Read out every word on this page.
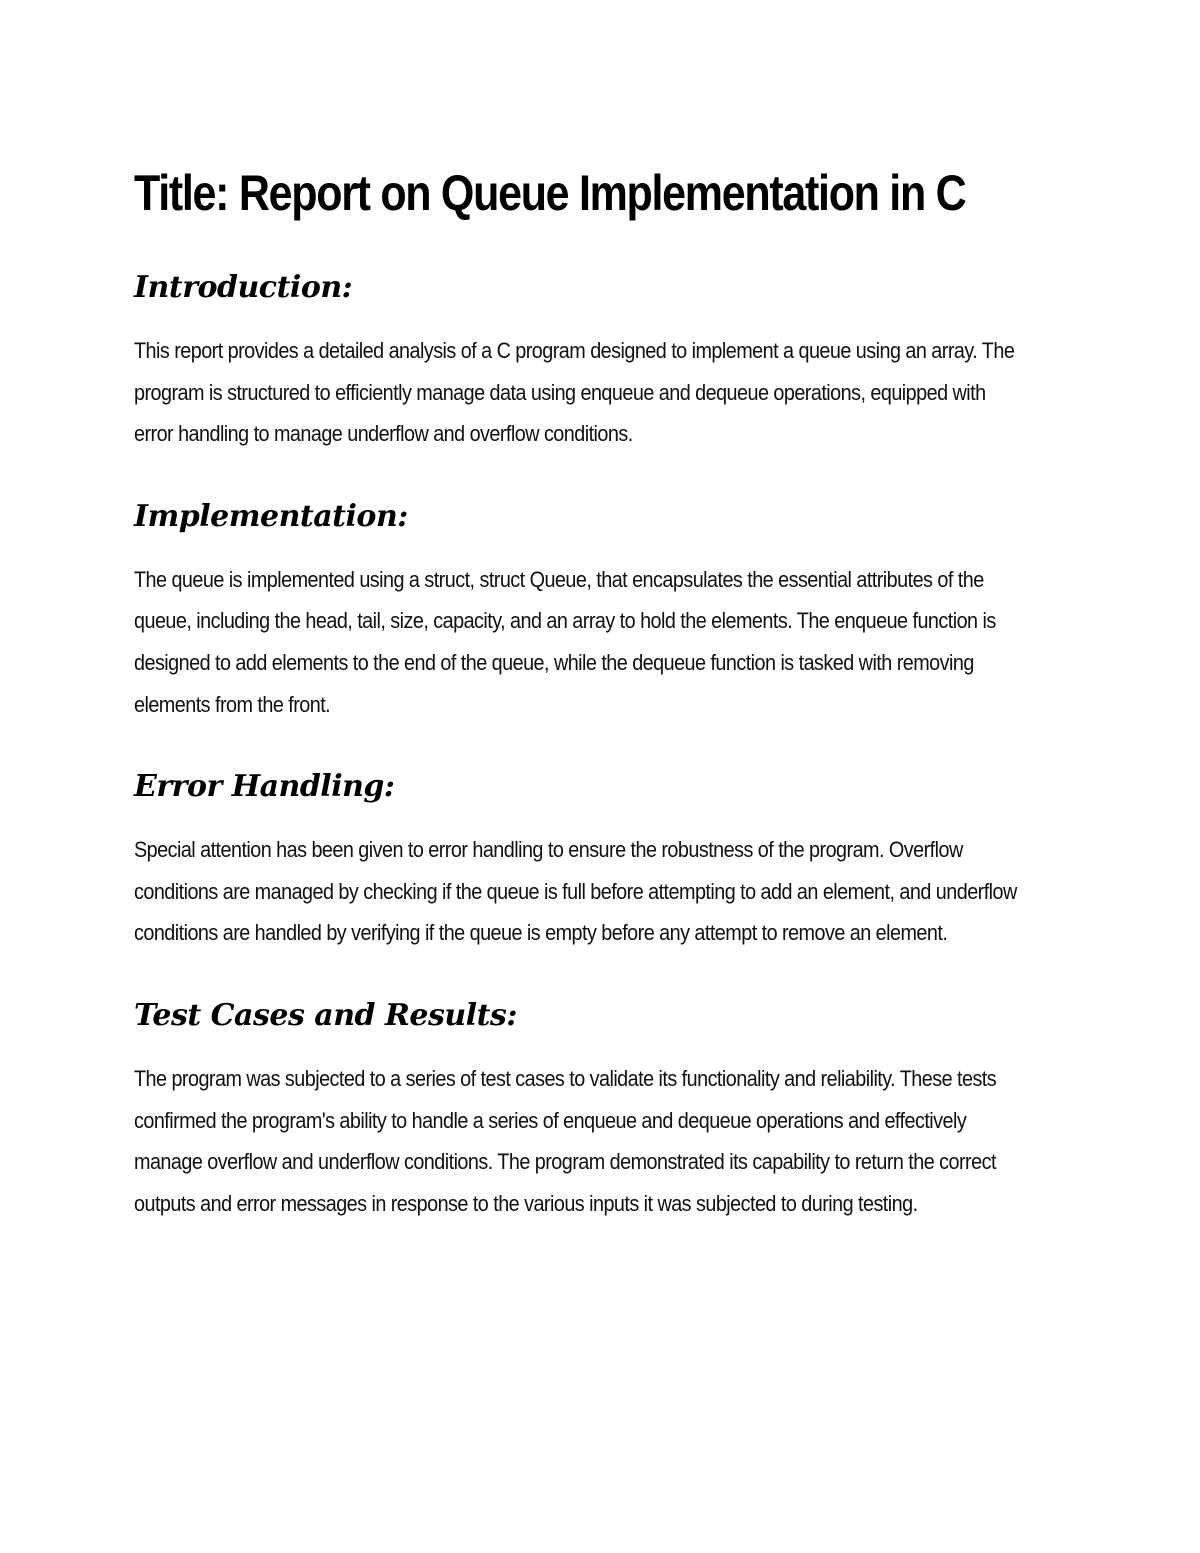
Title: Report on Queue Implementation in C
Introduction:

This report provides a detailed analysis of a C program designed to implement a queue using an array. The program is structured to efficiently manage data using enqueue and dequeue operations, equipped with error handling to manage underflow and overflow conditions.

Implementation:

The queue is implemented using a struct, struct Queue, that encapsulates the essential attributes of the queue, including the head, tail, size, capacity, and an array to hold the elements. The enqueue function is designed to add elements to the end of the queue, while the dequeue function is tasked with removing elements from the front.

Error Handling:

Special attention has been given to error handling to ensure the robustness of the program. Overflow conditions are managed by checking if the queue is full before attempting to add an element, and underflow conditions are handled by verifying if the queue is empty before any attempt to remove an element.

Test Cases and Results:

The program was subjected to a series of test cases to validate its functionality and reliability. These tests confirmed the program's ability to handle a series of enqueue and dequeue operations and effectively manage overflow and underflow conditions. The program demonstrated its capability to return the correct outputs and error messages in response to the various inputs it was subjected to during testing.
